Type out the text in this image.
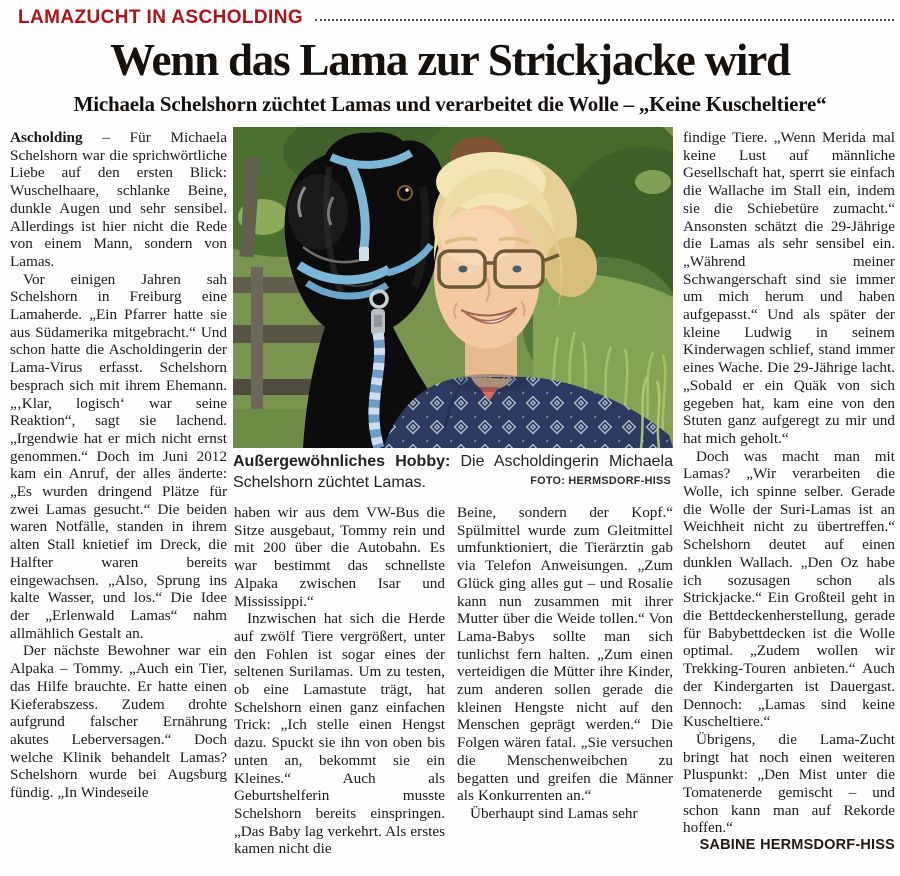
LAMAZUCHT IN ASCHOLDING
Wenn das Lama zur Strickjacke wird
Michaela Schelshorn züchtet Lamas und verarbeitet die Wolle – „Keine Kuscheltiere“

Ascholding – Für Michaela Schelshorn war die sprichwörtliche Liebe auf den ersten Blick: Wuschelhaare, schlanke Beine, dunkle Augen und sehr sensibel. Allerdings ist hier nicht die Rede von einem Mann, sondern von Lamas.

Vor einigen Jahren sah Schelshorn in Freiburg eine Lamaherde. „Ein Pfarrer hatte sie aus Südamerika mitgebracht.“ Und schon hatte die Ascholdingerin der Lama-Virus erfasst. Schelshorn besprach sich mit ihrem Ehemann. „‚Klar, logisch‘ war seine Reaktion“, sagt sie lachend. „Irgendwie hat er mich nicht ernst genommen.“ Doch im Juni 2012 kam ein Anruf, der alles änderte: „Es wurden dringend Plätze für zwei Lamas gesucht.“ Die beiden waren Notfälle, standen in ihrem alten Stall knietief im Dreck, die Halfter waren bereits eingewachsen. „Also, Sprung ins kalte Wasser, und los.“ Die Idee der „Erlenwald Lamas“ nahm allmählich Gestalt an.

Der nächste Bewohner war ein Alpaka – Tommy. „Auch ein Tier, das Hilfe brauchte. Er hatte einen Kieferabszess. Zudem drohte aufgrund falscher Ernährung akutes Leberversagen.“ Doch welche Klinik behandelt Lamas? Schelshorn wurde bei Augsburg fündig. „In Windeseile

Außergewöhnliches Hobby: Die Ascholdingerin Michaela Schelshorn züchtet Lamas.	FOTO: HERMSDORF-HISS

haben wir aus dem VW-Bus die Sitze ausgebaut, Tommy rein und mit 200 über die Autobahn. Es war bestimmt das schnellste Alpaka zwischen Isar und Mississippi.“

Inzwischen hat sich die Herde auf zwölf Tiere vergrößert, unter den Fohlen ist sogar eines der seltenen Surilamas. Um zu testen, ob eine Lamastute trägt, hat Schelshorn einen ganz einfachen Trick: „Ich stelle einen Hengst dazu. Spuckt sie ihn von oben bis unten an, bekommt sie ein Kleines.“ Auch als Geburtshelferin musste Schelshorn bereits einspringen. „Das Baby lag verkehrt. Als erstes kamen nicht die

Beine, sondern der Kopf.“ Spülmittel wurde zum Gleitmittel umfunktioniert, die Tierärztin gab via Telefon Anweisungen. „Zum Glück ging alles gut – und Rosalie kann nun zusammen mit ihrer Mutter über die Weide tollen.“ Von Lama-Babys sollte man sich tunlichst fern halten. „Zum einen verteidigen die Mütter ihre Kinder, zum anderen sollen gerade die kleinen Hengste nicht auf den Menschen geprägt werden.“ Die Folgen wären fatal. „Sie versuchen die Menschenweibchen zu begatten und greifen die Männer als Konkurrenten an.“

Überhaupt sind Lamas sehr

findige Tiere. „Wenn Merida mal keine Lust auf männliche Gesellschaft hat, sperrt sie einfach die Wallache im Stall ein, indem sie die Schiebetüre zumacht.“ Ansonsten schätzt die 29-Jährige die Lamas als sehr sensibel ein. „Während meiner Schwangerschaft sind sie immer um mich herum und haben aufgepasst.“ Und als später der kleine Ludwig in seinem Kinderwagen schlief, stand immer eines Wache. Die 29-Jährige lacht. „Sobald er ein Quäk von sich gegeben hat, kam eine von den Stuten ganz aufgeregt zu mir und hat mich geholt.“

Doch was macht man mit Lamas? „Wir verarbeiten die Wolle, ich spinne selber. Gerade die Wolle der Suri-Lamas ist an Weichheit nicht zu übertreffen.“ Schelshorn deutet auf einen dunklen Wallach. „Den Oz habe ich sozusagen schon als Strickjacke.“ Ein Großteil geht in die Bettdeckenherstellung, gerade für Babybettdecken ist die Wolle optimal. „Zudem wollen wir Trekking-Touren anbieten.“ Auch der Kindergarten ist Dauergast. Dennoch: „Lamas sind keine Kuscheltiere.“

Übrigens, die Lama-Zucht bringt hat noch einen weiteren Pluspunkt: „Den Mist unter die Tomatenerde gemischt – und schon kann man auf Rekorde hoffen.“

SABINE HERMSDORF-HISS
